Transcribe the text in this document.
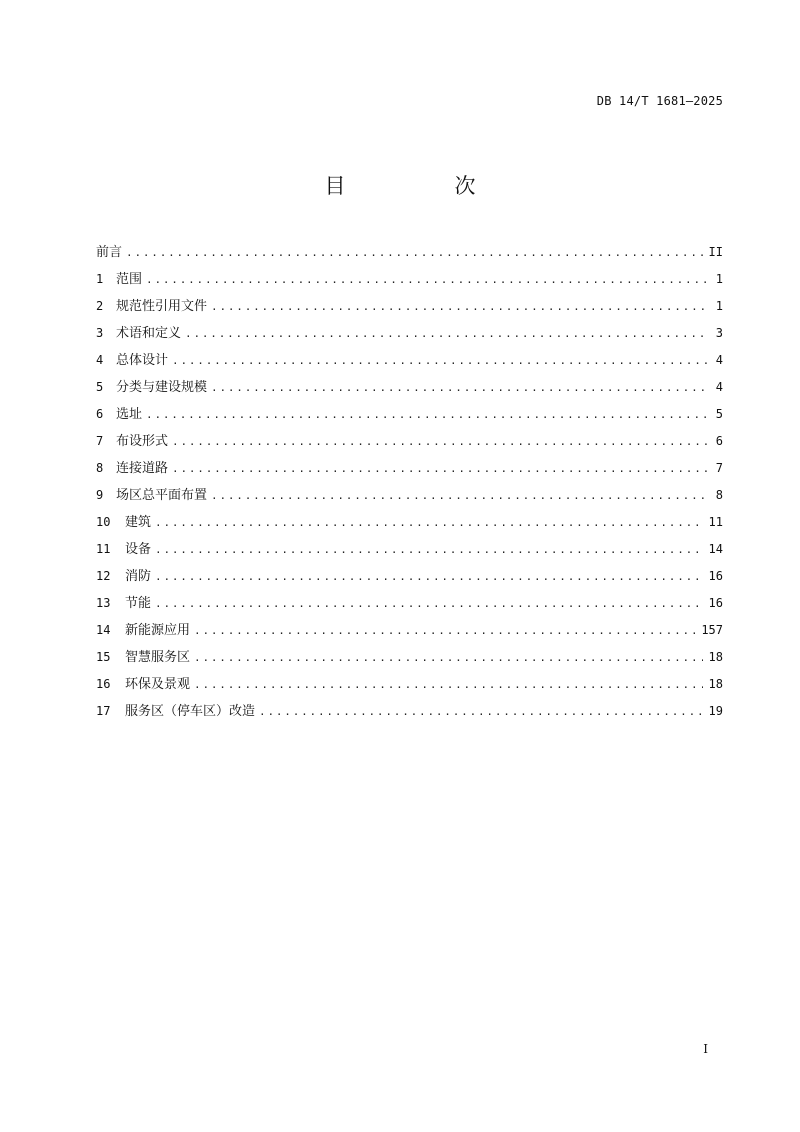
DB 14/T 1681—2025
目　次
前言 .....	II
1 范围 .....	1
2 规范性引用文件 .....	1
3 术语和定义 .....	3
4 总体设计 .....	4
5 分类与建设规模 .....	4
6 选址 .....	5
7 布设形式 .....	6
8 连接道路 .....	7
9 场区总平面布置 .....	8
10	建筑 .....	11
11	设备 .....	14
12	消防 .....	16
13	节能 .....	16
14	新能源应用 .....	157
15	智慧服务区 .....	18
16	环保及景观 .....	18
17	服务区（停车区）改造 .....	19
I
